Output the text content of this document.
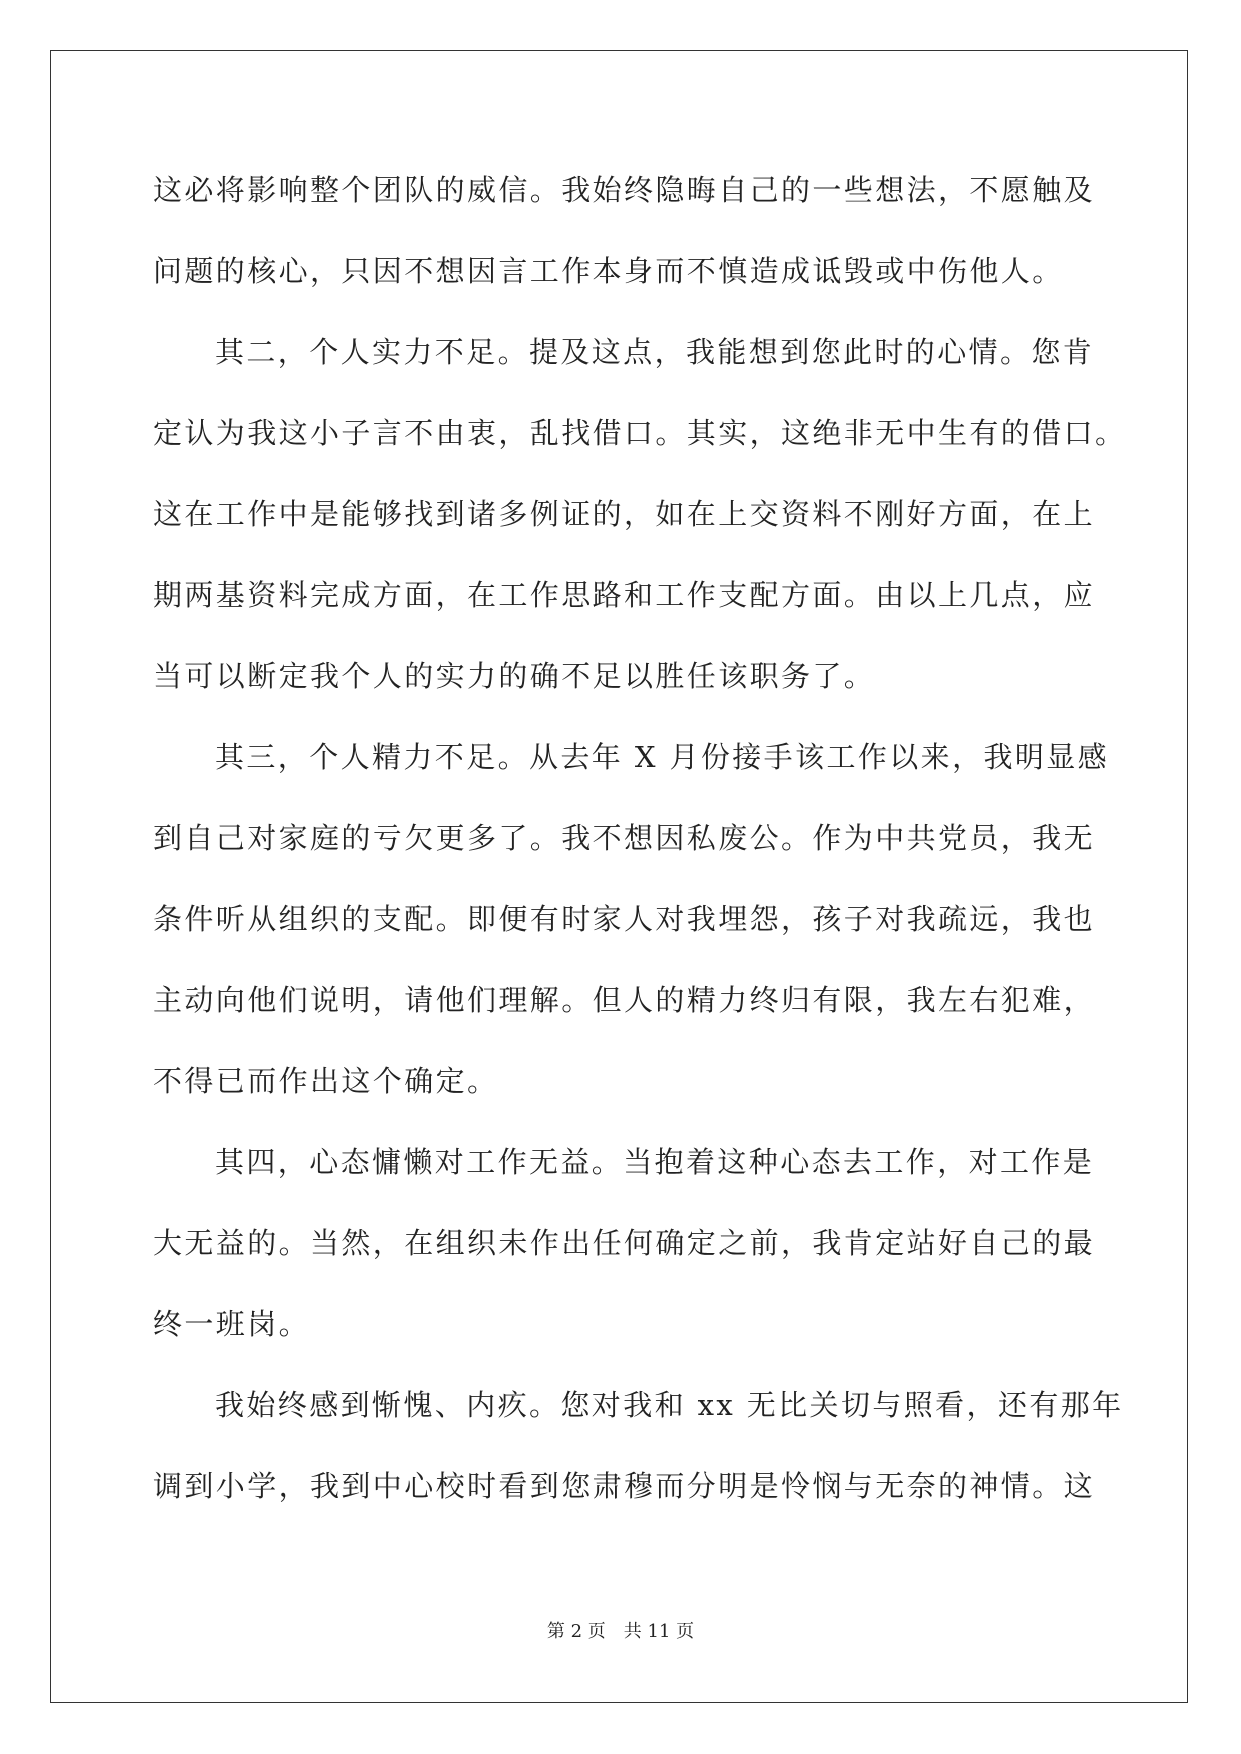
这必将影响整个团队的威信。我始终隐晦自己的一些想法，不愿触及
问题的核心，只因不想因言工作本身而不慎造成诋毁或中伤他人。
其二，个人实力不足。提及这点，我能想到您此时的心情。您肯
定认为我这小子言不由衷，乱找借口。其实，这绝非无中生有的借口。
这在工作中是能够找到诸多例证的，如在上交资料不刚好方面，在上
期两基资料完成方面，在工作思路和工作支配方面。由以上几点，应
当可以断定我个人的实力的确不足以胜任该职务了。
其三，个人精力不足。从去年 X 月份接手该工作以来，我明显感
到自己对家庭的亏欠更多了。我不想因私废公。作为中共党员，我无
条件听从组织的支配。即便有时家人对我埋怨，孩子对我疏远，我也
主动向他们说明，请他们理解。但人的精力终归有限，我左右犯难，
不得已而作出这个确定。
其四，心态慵懒对工作无益。当抱着这种心态去工作，对工作是
大无益的。当然，在组织未作出任何确定之前，我肯定站好自己的最
终一班岗。
我始终感到惭愧、内疚。您对我和 xx 无比关切与照看，还有那年
调到小学，我到中心校时看到您肃穆而分明是怜悯与无奈的神情。这
第 2 页　共 11 页
